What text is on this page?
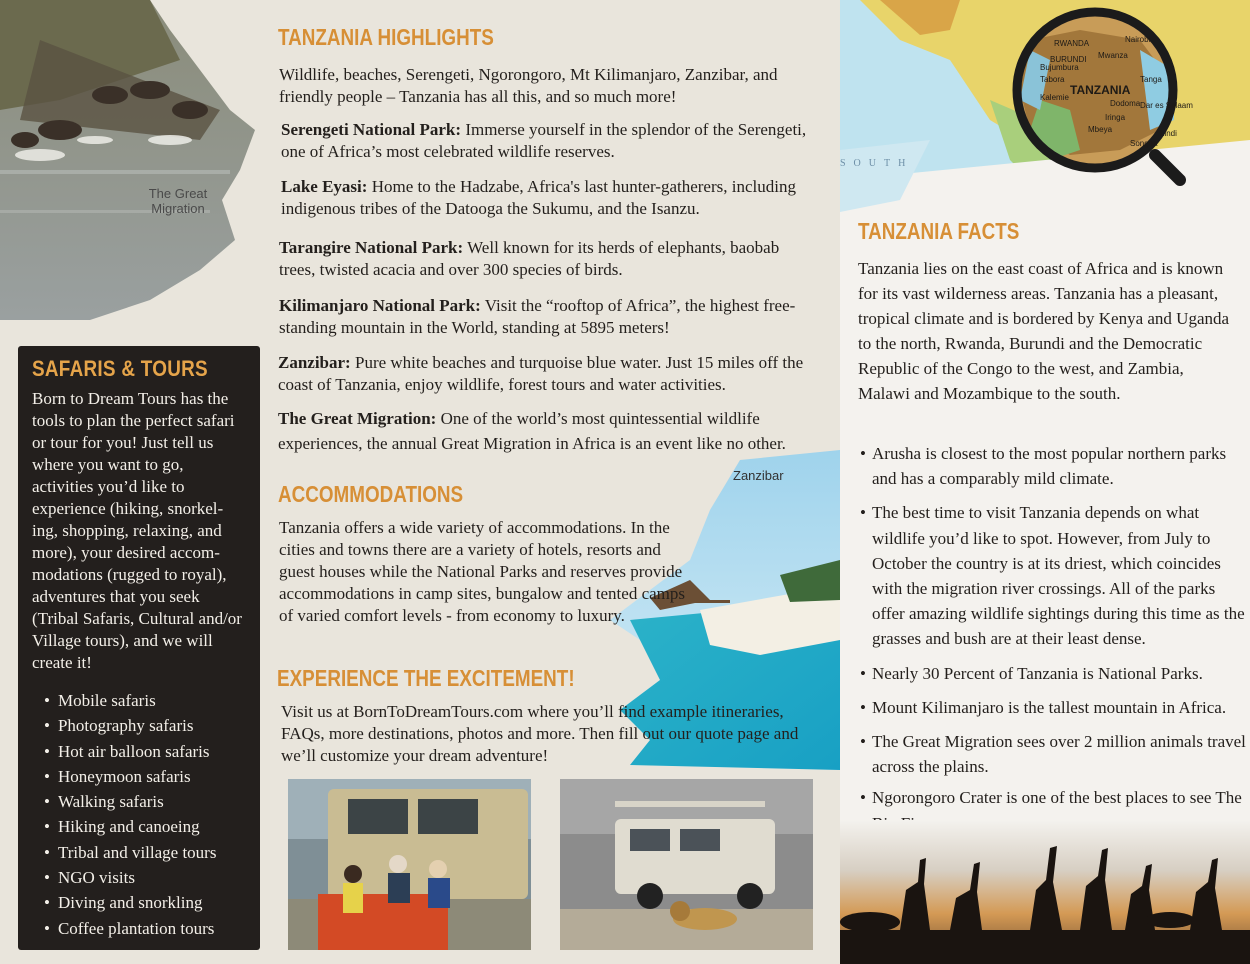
The Great Migration
SAFARIS & TOURS

Born to Dream Tours has the tools to plan the perfect safari or tour for you! Just tell us where you want to go, activities you’d like to experience (hiking, snorkel-ing, shopping, relaxing, and more), your desired accom-modations (rugged to royal), adventures that you seek (Tribal Safaris, Cultural and/or Village tours), and we will create it!

• Mobile safaris
• Photography safaris
• Hot air balloon safaris
• Honeymoon safaris
• Walking safaris
• Hiking and canoeing
• Tribal and village tours
• NGO visits
• Diving and snorkling
• Coffee plantation tours
TANZANIA HIGHLIGHTS
Wildlife, beaches, Serengeti, Ngorongoro, Mt Kilimanjaro, Zanzibar, and friendly people – Tanzania has all this, and so much more!
Serengeti National Park: Immerse yourself in the splendor of the Serengeti, one of Africa’s most celebrated wildlife reserves.
Lake Eyasi: Home to the Hadzabe, Africa's last hunter-gatherers, including indigenous tribes of the Datooga the Sukumu, and the Isanzu.
Tarangire National Park: Well known for its herds of elephants, baobab trees, twisted acacia and over 300 species of birds.
Kilimanjaro National Park: Visit the “rooftop of Africa”, the highest free-standing mountain in the World, standing at 5895 meters!
Zanzibar: Pure white beaches and turquoise blue water. Just 15 miles off the coast of Tanzania, enjoy wildlife, forest tours and water activities.
The Great Migration: One of the world’s most quintessential wildlife experiences, the annual Great Migration in Africa is an event like no other.
Zanzibar
ACCOMMODATIONS
Tanzania offers a wide variety of accommodations. In the cities and towns there are a variety of hotels, resorts and guest houses while the National Parks and reserves provide accommodations in camp sites, bungalow and tented camps of varied comfort levels - from economy to luxury.
EXPERIENCE THE EXCITEMENT!
Visit us at BornToDreamTours.com where you’ll find example itineraries, FAQs, more destinations, photos and more. Then fill out our quote page and we’ll customize your dream adventure!
SOUTH
RWANDA
BURUNDI
Bujumbura
Tabora
Kalemie
Mwanza
Nairobi
Tanga
Dar es Salaam
Dodoma
Mbeya
Iringa
Lindi
Songea
TANZANIA
TANZANIA FACTS
Tanzania lies on the east coast of Africa and is known for its vast wilderness areas. Tanzania has a pleasant, tropical climate and is bordered by Kenya and Uganda to the north, Rwanda, Burundi and the Democratic Republic of the Congo to the west, and Zambia, Malawi and Mozambique to the south.
• Arusha is closest to the most popular northern parks and has a comparably mild climate.
• The best time to visit Tanzania depends on what wildlife you’d like to spot. However, from July to October the country is at its driest, which coincides with the migration river crossings. All of the parks offer amazing wildlife sightings during this time as the grasses and bush are at their least dense.
• Nearly 30 Percent of Tanzania is National Parks.
• Mount Kilimanjaro is the tallest mountain in Africa.
• The Great Migration sees over 2 million animals travel across the plains.
• Ngorongoro Crater is one of the best places to see The
